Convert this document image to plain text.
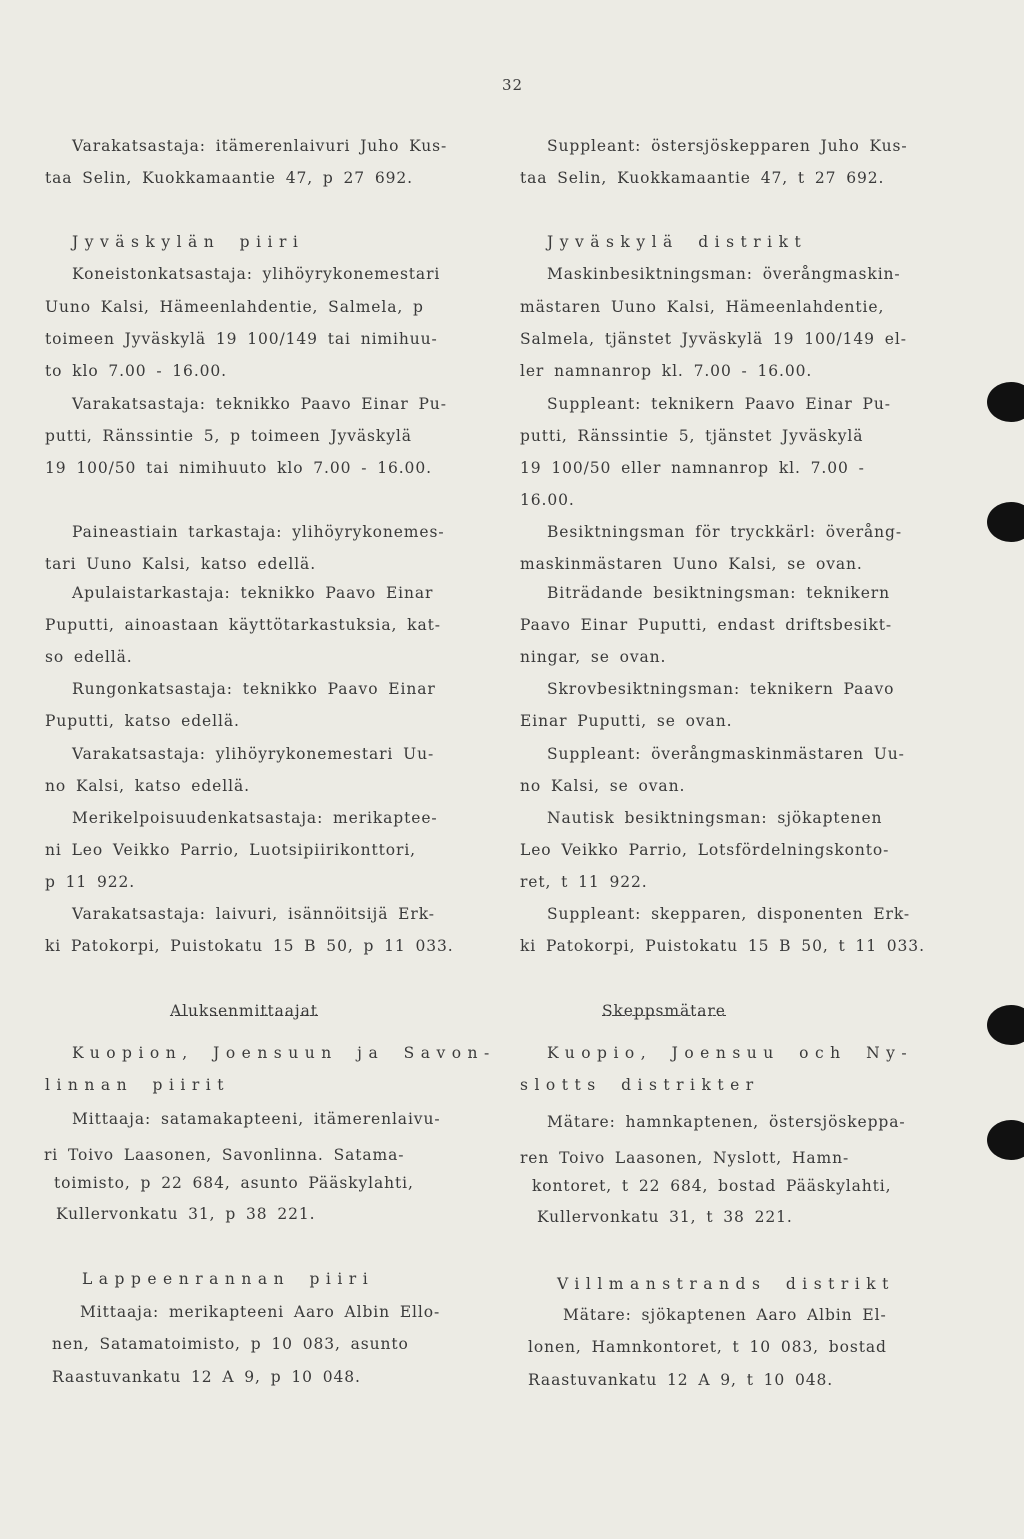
32
Varakatsastaja: itämerenlaivuri Juho Kus-
taa Selin, Kuokkamaantie 47, p 27 692.
Jyväskylän piiri
Koneistonkatsastaja: ylihöyrykonemestari
Uuno Kalsi, Hämeenlahdentie, Salmela, p
toimeen Jyväskylä 19 100/149 tai nimihuu-
to klo 7.00 - 16.00.
Varakatsastaja: teknikko Paavo Einar Pu-
putti, Ränssintie 5, p toimeen Jyväskylä
19 100/50 tai nimihuuto klo 7.00 - 16.00.
Paineastiain tarkastaja: ylihöyrykonemes-
tari Uuno Kalsi, katso edellä.
Apulaistarkastaja: teknikko Paavo Einar
Puputti, ainoastaan käyttötarkastuksia, kat-
so edellä.
Rungonkatsastaja: teknikko Paavo Einar
Puputti, katso edellä.
Varakatsastaja: ylihöyrykonemestari Uu-
no Kalsi, katso edellä.
Merikelpoisuudenkatsastaja: merikaptee-
ni Leo Veikko Parrio, Luotsipiirikonttori,
p 11 922.
Varakatsastaja: laivuri, isännöitsijä Erk-
ki Patokorpi, Puistokatu 15 B 50, p 11 033.
Aluksenmittaajat
Kuopion, Joensuun ja Savon-
linnan piirit
Mittaaja: satamakapteeni, itämerenlaivu-
ri Toivo Laasonen, Savonlinna. Satama-
toimisto, p 22 684, asunto Pääskylahti,
Kullervonkatu 31, p 38 221.
Lappeenrannan piiri
Mittaaja: merikapteeni Aaro Albin Ello-
nen, Satamatoimisto, p 10 083, asunto
Raastuvankatu 12 A 9, p 10 048.
Suppleant: östersjöskepparen Juho Kus-
taa Selin, Kuokkamaantie 47, t 27 692.
Jyväskylä distrikt
Maskinbesiktningsman: överångmaskin-
mästaren Uuno Kalsi, Hämeenlahdentie,
Salmela, tjänstet Jyväskylä 19 100/149 el-
ler namnanrop kl. 7.00 - 16.00.
Suppleant: teknikern Paavo Einar Pu-
putti, Ränssintie 5, tjänstet Jyväskylä
19 100/50 eller namnanrop kl. 7.00 -
16.00.
Besiktningsman för tryckkärl: överång-
maskinmästaren Uuno Kalsi, se ovan.
Biträdande besiktningsman: teknikern
Paavo Einar Puputti, endast driftsbesikt-
ningar, se ovan.
Skrovbesiktningsman: teknikern Paavo
Einar Puputti, se ovan.
Suppleant: överångmaskinmästaren Uu-
no Kalsi, se ovan.
Nautisk besiktningsman: sjökaptenen
Leo Veikko Parrio, Lotsfördelningskonto-
ret, t 11 922.
Suppleant: skepparen, disponenten Erk-
ki Patokorpi, Puistokatu 15 B 50, t 11 033.
Skeppsmätare
Kuopio, Joensuu och Ny-
slotts distrikter
Mätare: hamnkaptenen, östersjöskeppa-
ren Toivo Laasonen, Nyslott, Hamn-
kontoret, t 22 684, bostad Pääskylahti,
Kullervonkatu 31, t 38 221.
Villmanstrands distrikt
Mätare: sjökaptenen Aaro Albin El-
lonen, Hamnkontoret, t 10 083, bostad
Raastuvankatu 12 A 9, t 10 048.
